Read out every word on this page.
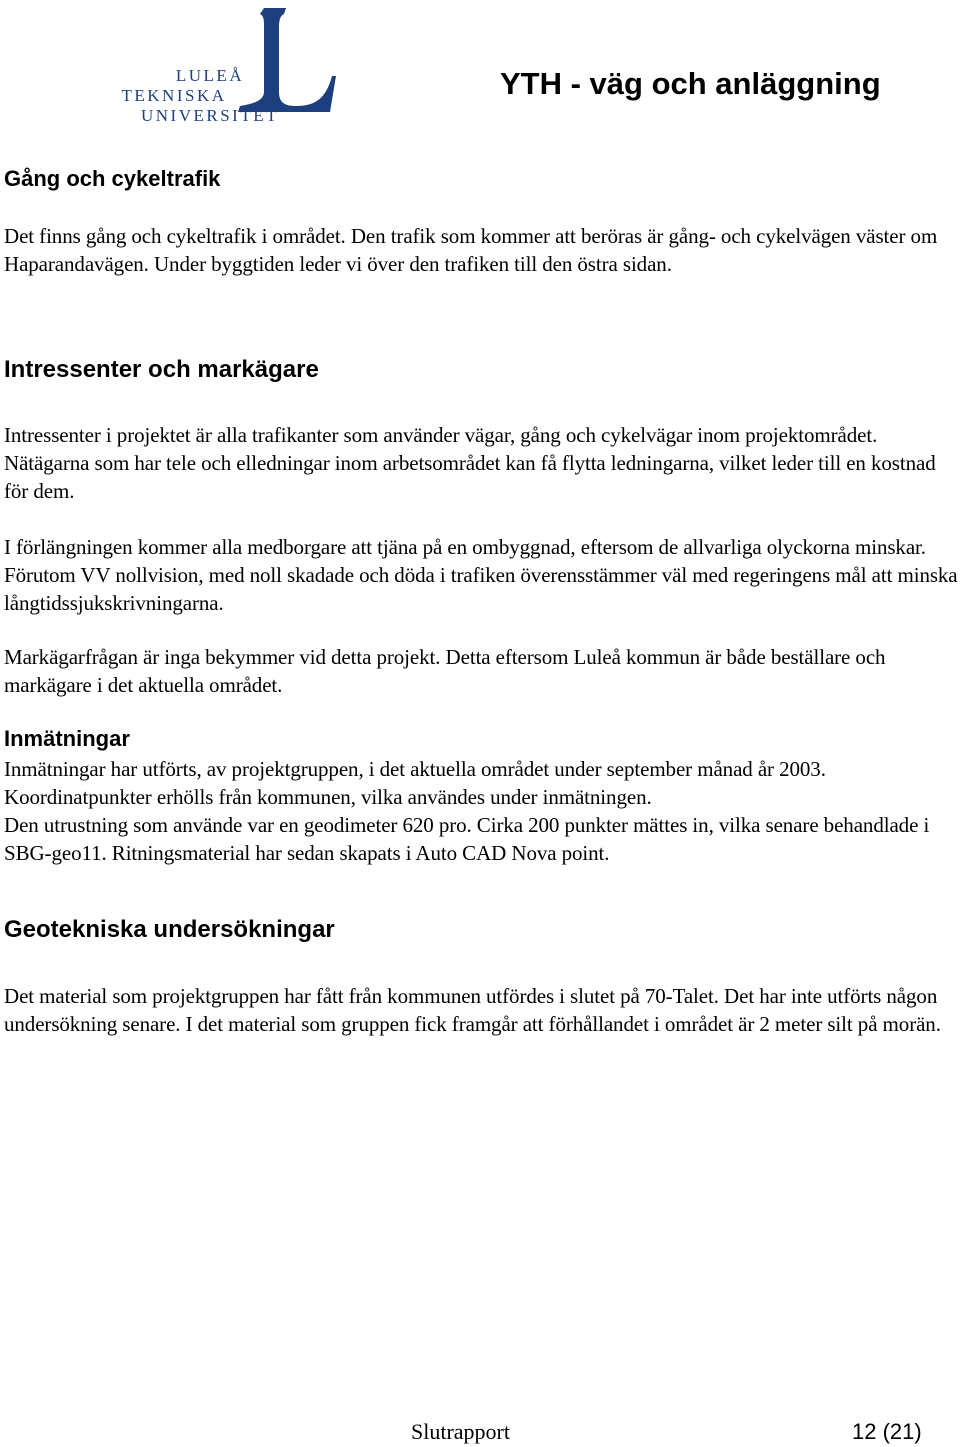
LULEÅ
TEKNISKA
UNIVERSITET
YTH - väg och anläggning
Gång och cykeltrafik

Det finns gång och cykeltrafik i området. Den trafik som kommer att beröras är gång- och cykelvägen väster om Haparandavägen. Under byggtiden leder vi över den trafiken till den östra sidan.

Intressenter och markägare

Intressenter i projektet är alla trafikanter som använder vägar, gång och cykelvägar inom projektområdet. Nätägarna som har tele och elledningar inom arbetsområdet kan få flytta ledningarna, vilket leder till en kostnad för dem.

I förlängningen kommer alla medborgare att tjäna på en ombyggnad, eftersom de allvarliga olyckorna minskar. Förutom VV nollvision, med noll skadade och döda i trafiken överensstämmer väl med regeringens mål att minska långtidssjukskrivningarna.

Markägarfrågan är inga bekymmer vid detta projekt. Detta eftersom Luleå kommun är både beställare och markägare i det aktuella området.

Inmätningar

Inmätningar har utförts, av projektgruppen, i det aktuella området under september månad år 2003. Koordinatpunkter erhölls från kommunen, vilka användes under inmätningen.

Den utrustning som använde var en geodimeter 620 pro. Cirka 200 punkter mättes in, vilka senare behandlade i SBG-geo11. Ritningsmaterial har sedan skapats i Auto CAD Nova point.

Geotekniska undersökningar

Det material som projektgruppen har fått från kommunen utfördes i slutet på 70-Talet. Det har inte utförts någon undersökning senare. I det material som gruppen fick framgår att förhållandet i området är 2 meter silt på morän.

Slutrapport	12 (21)
